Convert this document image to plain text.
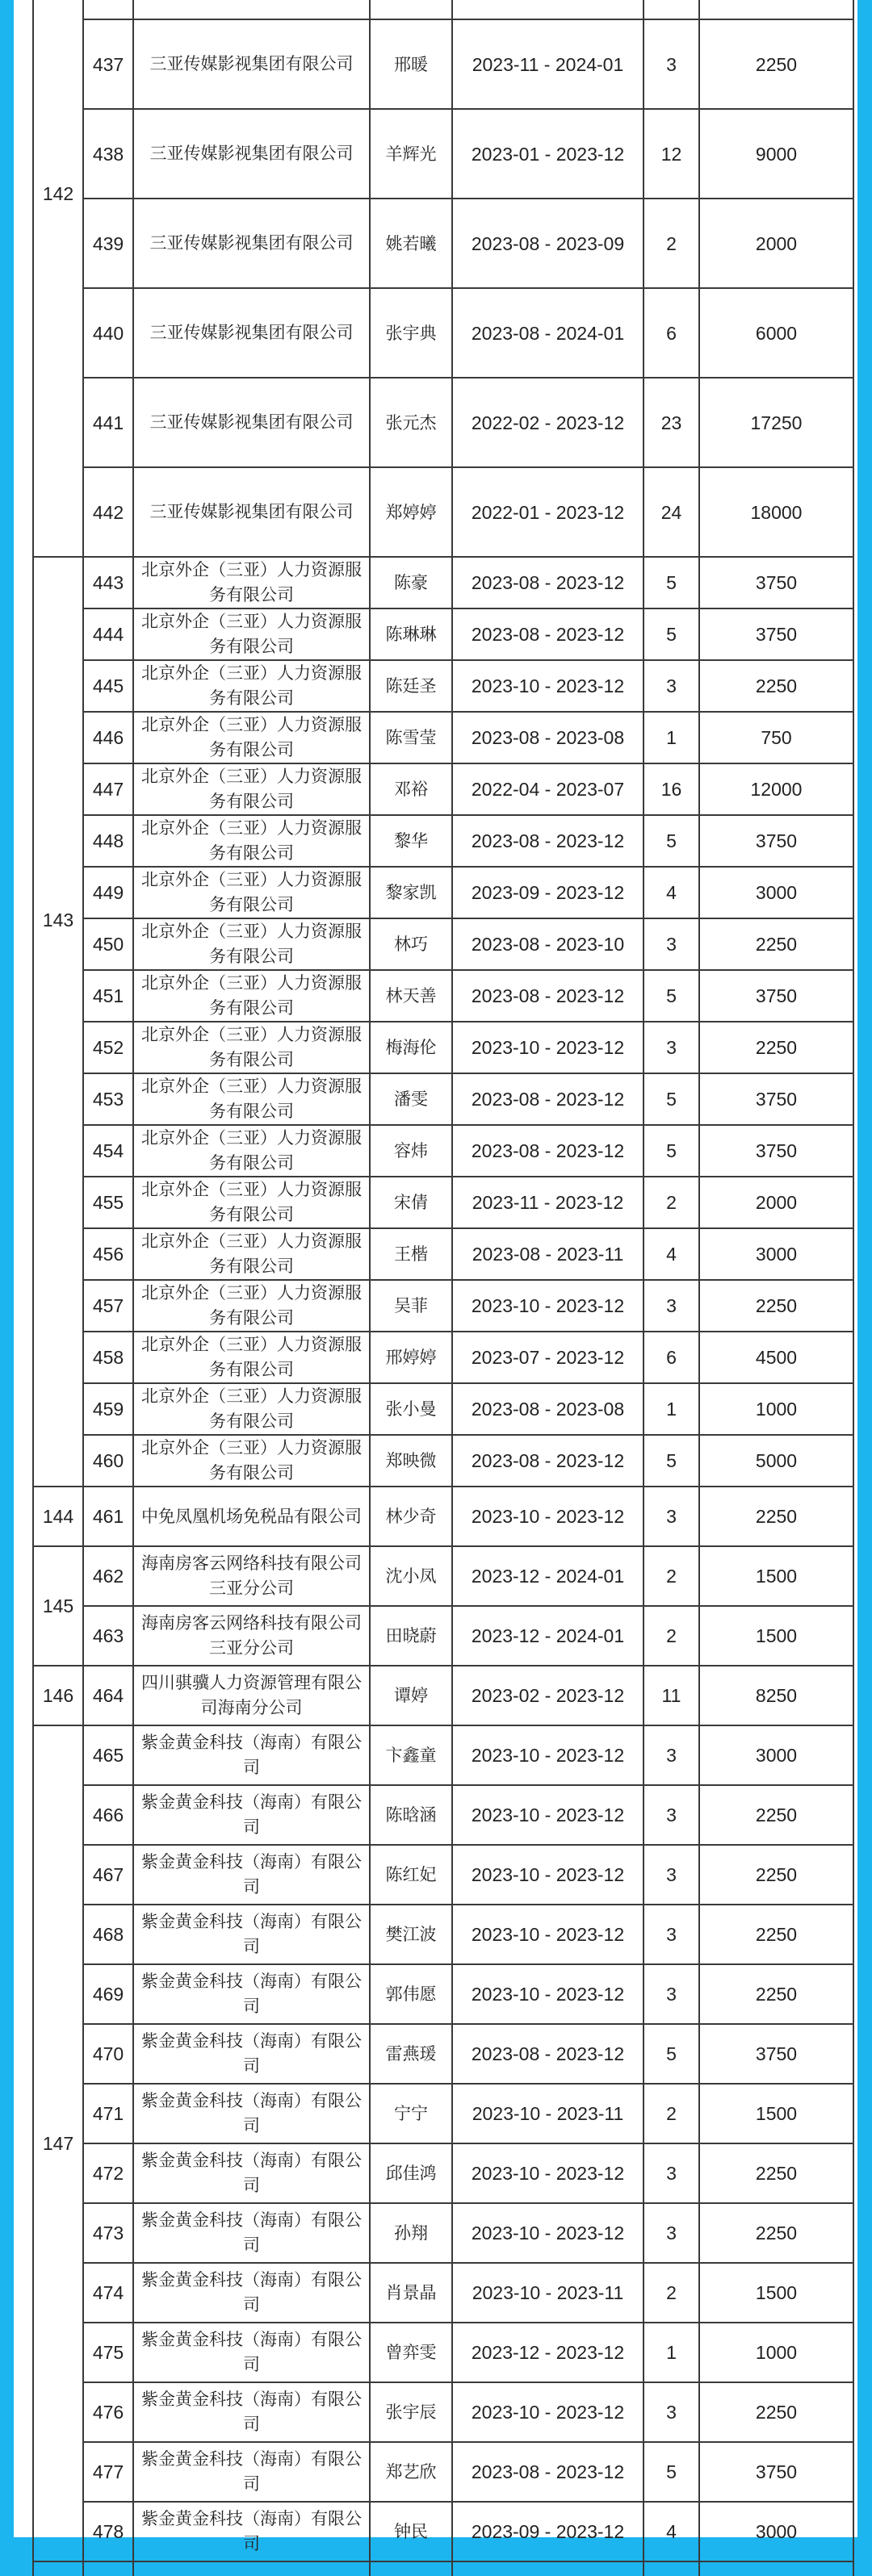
142						
	437	三亚传媒影视集团有限公司	邢暖	2023-11 - 2024-01	3	2250
	438	三亚传媒影视集团有限公司	羊辉光	2023-01 - 2023-12	12	9000
	439	三亚传媒影视集团有限公司	姚若曦	2023-08 - 2023-09	2	2000
	440	三亚传媒影视集团有限公司	张宇典	2023-08 - 2024-01	6	6000
	441	三亚传媒影视集团有限公司	张元杰	2022-02 - 2023-12	23	17250
	442	三亚传媒影视集团有限公司	郑婷婷	2022-01 - 2023-12	24	18000
143	443	北京外企（三亚）人力资源服务有限公司	陈豪	2023-08 - 2023-12	5	3750
	444	北京外企（三亚）人力资源服务有限公司	陈琳琳	2023-08 - 2023-12	5	3750
	445	北京外企（三亚）人力资源服务有限公司	陈廷圣	2023-10 - 2023-12	3	2250
	446	北京外企（三亚）人力资源服务有限公司	陈雪莹	2023-08 - 2023-08	1	750
	447	北京外企（三亚）人力资源服务有限公司	邓裕	2022-04 - 2023-07	16	12000
	448	北京外企（三亚）人力资源服务有限公司	黎华	2023-08 - 2023-12	5	3750
	449	北京外企（三亚）人力资源服务有限公司	黎家凯	2023-09 - 2023-12	4	3000
	450	北京外企（三亚）人力资源服务有限公司	林巧	2023-08 - 2023-10	3	2250
	451	北京外企（三亚）人力资源服务有限公司	林天善	2023-08 - 2023-12	5	3750
	452	北京外企（三亚）人力资源服务有限公司	梅海伦	2023-10 - 2023-12	3	2250
	453	北京外企（三亚）人力资源服务有限公司	潘雯	2023-08 - 2023-12	5	3750
	454	北京外企（三亚）人力资源服务有限公司	容炜	2023-08 - 2023-12	5	3750
	455	北京外企（三亚）人力资源服务有限公司	宋倩	2023-11 - 2023-12	2	2000
	456	北京外企（三亚）人力资源服务有限公司	王楷	2023-08 - 2023-11	4	3000
	457	北京外企（三亚）人力资源服务有限公司	吴菲	2023-10 - 2023-12	3	2250
	458	北京外企（三亚）人力资源服务有限公司	邢婷婷	2023-07 - 2023-12	6	4500
	459	北京外企（三亚）人力资源服务有限公司	张小曼	2023-08 - 2023-08	1	1000
	460	北京外企（三亚）人力资源服务有限公司	郑映微	2023-08 - 2023-12	5	5000
144	461	中免凤凰机场免税品有限公司	林少奇	2023-10 - 2023-12	3	2250
145	462	海南房客云网络科技有限公司三亚分公司	沈小凤	2023-12 - 2024-01	2	1500
	463	海南房客云网络科技有限公司三亚分公司	田晓蔚	2023-12 - 2024-01	2	1500
146	464	四川骐骥人力资源管理有限公司海南分公司	谭婷	2023-02 - 2023-12	11	8250
147	465	紫金黄金科技（海南）有限公司	卞鑫童	2023-10 - 2023-12	3	3000
	466	紫金黄金科技（海南）有限公司	陈晗涵	2023-10 - 2023-12	3	2250
	467	紫金黄金科技（海南）有限公司	陈红妃	2023-10 - 2023-12	3	2250
	468	紫金黄金科技（海南）有限公司	樊江波	2023-10 - 2023-12	3	2250
	469	紫金黄金科技（海南）有限公司	郭伟愿	2023-10 - 2023-12	3	2250
	470	紫金黄金科技（海南）有限公司	雷燕瑗	2023-08 - 2023-12	5	3750
	471	紫金黄金科技（海南）有限公司	宁宁	2023-10 - 2023-11	2	1500
	472	紫金黄金科技（海南）有限公司	邱佳鸿	2023-10 - 2023-12	3	2250
	473	紫金黄金科技（海南）有限公司	孙翔	2023-10 - 2023-12	3	2250
	474	紫金黄金科技（海南）有限公司	肖景晶	2023-10 - 2023-11	2	1500
	475	紫金黄金科技（海南）有限公司	曾弈雯	2023-12 - 2023-12	1	1000
	476	紫金黄金科技（海南）有限公司	张宇辰	2023-10 - 2023-12	3	2250
	477	紫金黄金科技（海南）有限公司	郑艺欣	2023-08 - 2023-12	5	3750
	478	紫金黄金科技（海南）有限公司	钟民	2023-09 - 2023-12	4	3000
